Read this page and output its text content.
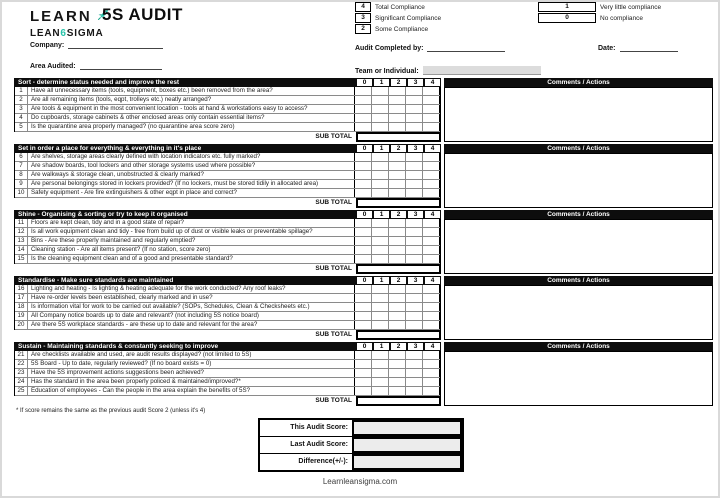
LEARN
LEAN6SIGMA
5S AUDIT	4	Total Compliance
3	Significant Compliance
2	Some Compliance
1	Very little compliance
0	No compliance
Company:
Area Audited:
Audit Completed by:	Date:
Team or Individual:
Sort - determine status needed and improve the rest	0	1	2	3	4	Comments / Actions
1	Have all unnecessary items (tools, equipment, boxes etc.) been removed from the area?
2	Are all remaining items (tools, eqpt, trolleys etc.) neatly arranged?
3	Are tools & equipment in the most convenient location - tools at hand & workstations easy to access?
4	Do cupboards, storage cabinets & other enclosed areas only contain essential items?
5	Is the quarantine area properly managed? (no quarantine area score zero)
SUB TOTAL
Set in order a place for everything & everything in it's place	0	1	2	3	4	Comments / Actions
6	Are shelves, storage areas clearly defined with location indicators etc. fully marked?
7	Are shadow boards, tool lockers and other storage systems used where possible?
8	Are walkways & storage clean, unobstructed & clearly marked?
9	Are personal belongings stored in lockers provided? (If no lockers, must be stored tidily in allocated area)
10	Safety equipment - Are fire extinguishers & other eqpt in place and correct?
SUB TOTAL
Shine - Organising & sorting or try to keep it organised	0	1	2	3	4	Comments / Actions
11	Floors are kept clean, tidy and in a good state of repair?
12	Is all work equipment clean and tidy - free from build up of dust or visible leaks or preventable spillage?
13	Bins - Are these properly maintained and regularly emptied?
14	Cleaning station - Are all items present? (If no station, score zero)
15	Is the cleaning equipment clean and of a good and presentable standard?
SUB TOTAL
Standardise - Make sure standards are maintained	0	1	2	3	4	Comments / Actions
16	Lighting and heating - Is lighting & heating adequate for the work conducted? Any roof leaks?
17	Have re-order levels been established, clearly marked and in use?
18	Is information vital for work to be carried out available? (SOPs, Schedules, Clean & Checksheets etc.)
19	All Company notice boards up to date and relevant? (not including 5S notice board)
20	Are there 5S workplace standards - are these up to date and relevant for the area?
SUB TOTAL
Sustain - Maintaining standards & constantly seeking to improve	0	1	2	3	4	Comments / Actions
21	Are checklists available and used, are audit results displayed? (not limited to 5S)
22	5S Board - Up to date, regularly reviewed? (If no board exists = 0)
23	Have the 5S improvement actions suggestions been achieved?
24	Has the standard in the area been properly policed & maintained/improved?*
25	Education of employees - Can the people in the area explain the benefits of 5S?
SUB TOTAL
* If score remains the same as the previous audit Score 2 (unless it's 4)
This Audit Score:
Last Audit Score:
Difference(+/-):
Learnleansigma.com
